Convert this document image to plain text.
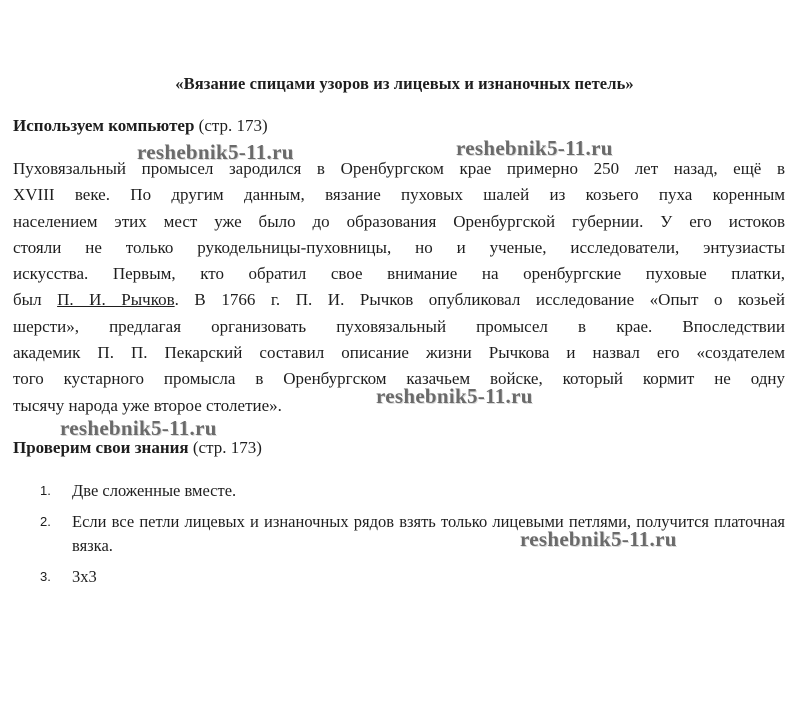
«Вязание спицами узоров из лицевых и изнаночных петель»
Используем компьютер (стр. 173)
Пуховязальный промысел зародился в Оренбургском крае примерно 250 лет назад, ещё в
XVIII веке. По другим данным, вязание пуховых шалей из козьего пуха коренным
населением этих мест уже было до образования Оренбургской губернии. У его истоков
стояли не только рукодельницы-пуховницы, но и ученые, исследователи, энтузиасты
искусства. Первым, кто обратил свое внимание на оренбургские пуховые платки,
был П. И. Рычков. В 1766 г. П. И. Рычков опубликовал исследование «Опыт о козьей
шерсти», предлагая организовать пуховязальный промысел в крае. Впоследствии
академик П. П. Пекарский составил описание жизни Рычкова и назвал его «создателем
того кустарного промысла в Оренбургском казачьем войске, который кормит не одну
тысячу народа уже второе столетие».
Проверим свои знания (стр. 173)
1. Две сложенные вместе.
2. Если все петли лицевых и изнаночных рядов взять только лицевыми петлями, получится платочная вязка.
3. 3х3
reshebnik5-11.ru	reshebnik5-11.ru
reshebnik5-11.ru
reshebnik5-11.ru
reshebnik5-11.ru
